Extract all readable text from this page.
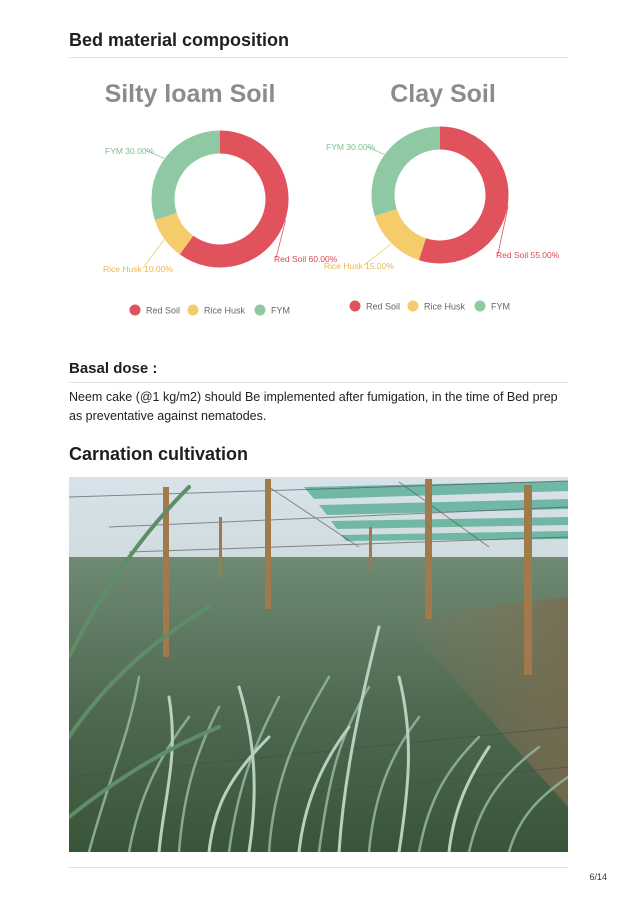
Bed material composition
Silty loam Soil
Red Soil 60.00%
Rice Husk 10.00%
FYM 30.00%
Red Soil	Rice Husk	FYM
Clay Soil
Red Soil 55.00%
Rice Husk 15.00%
FYM 30.00%
Red Soil	Rice Husk	FYM
Basal dose :

Neem cake (@1 kg/m2) should Be implemented after fumigation, in the time of Bed prep as preventative against nematodes.

Carnation cultivation
6/14
